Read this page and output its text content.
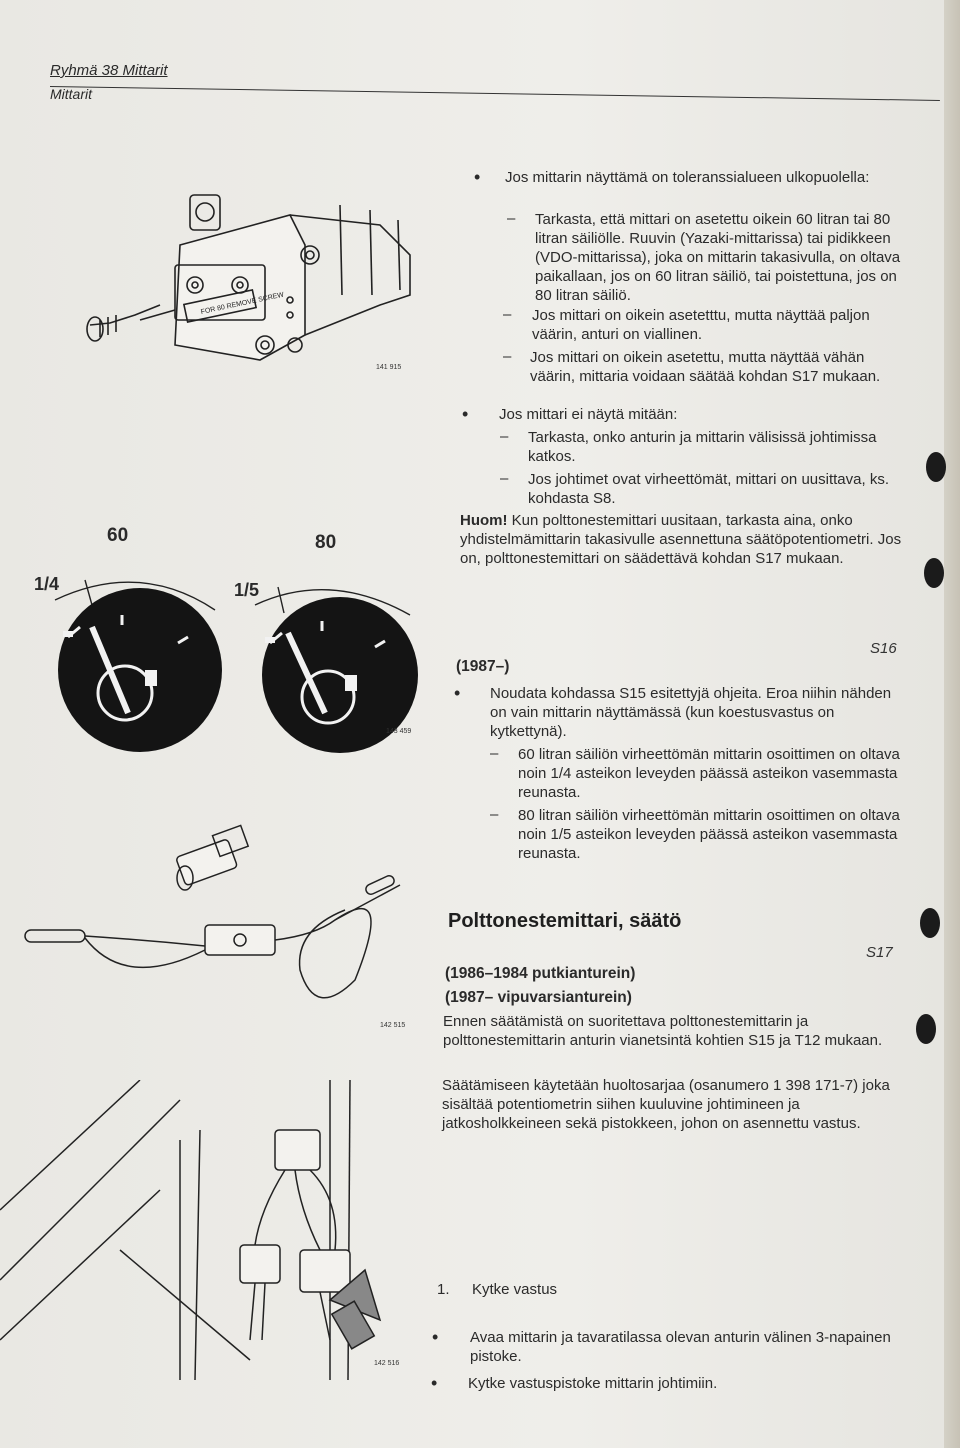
Ryhmä 38 Mittarit
Mittarit
FOR 80 REMOVE SCREW
141 915
60	80
1/4	1/5
143 459
142 515
142 516
• Jos mittarin näyttämä on toleranssialueen ulkopuolella:
– Tarkasta, että mittari on asetettu oikein 60 litran tai 80 litran säiliölle. Ruuvin (Yazaki-mittarissa) tai pidikkeen (VDO-mittarissa), joka on mittarin takasivulla, on oltava paikallaan, jos on 60 litran säiliö, tai poistettuna, jos on 80 litran säiliö.
– Jos mittari on oikein asetetttu, mutta näyttää paljon väärin, anturi on viallinen.
– Jos mittari on oikein asetettu, mutta näyttää vähän väärin, mittaria voidaan säätää kohdan S17 mukaan.
• Jos mittari ei näytä mitään:
– Tarkasta, onko anturin ja mittarin välisissä johtimissa katkos.
– Jos johtimet ovat virheettömät, mittari on uusittava, ks. kohdasta S8.
Huom! Kun polttonestemittari uusitaan, tarkasta aina, onko yhdistelmämittarin takasivulle asennettuna säätöpotentiometri. Jos on, polttonestemittari on säädettävä kohdan S17 mukaan.
S16
(1987–)
• Noudata kohdassa S15 esitettyjä ohjeita. Eroa niihin nähden on vain mittarin näyttämässä (kun koestusvastus on kytkettynä).
– 60 litran säiliön virheettömän mittarin osoittimen on oltava noin 1/4 asteikon leveyden päässä asteikon vasemmasta reunasta.
– 80 litran säiliön virheettömän mittarin osoittimen on oltava noin 1/5 asteikon leveyden päässä asteikon vasemmasta reunasta.
Polttonestemittari, säätö
S17
(1986–1984 putkianturein)
(1987– vipuvarsianturein)
Ennen säätämistä on suoritettava polttonestemittarin ja polttonestemittarin anturin vianetsintä kohtien S15 ja T12 mukaan.
Säätämiseen käytetään huoltosarjaa (osanumero 1 398 171-7) joka sisältää potentiometrin siihen kuuluvine johtimineen ja jatkosholkkeineen sekä pistokkeen, johon on asennettu vastus.
1. Kytke vastus
• Avaa mittarin ja tavaratilassa olevan anturin välinen 3-napainen pistoke.
• Kytke vastuspistoke mittarin johtimiin.
